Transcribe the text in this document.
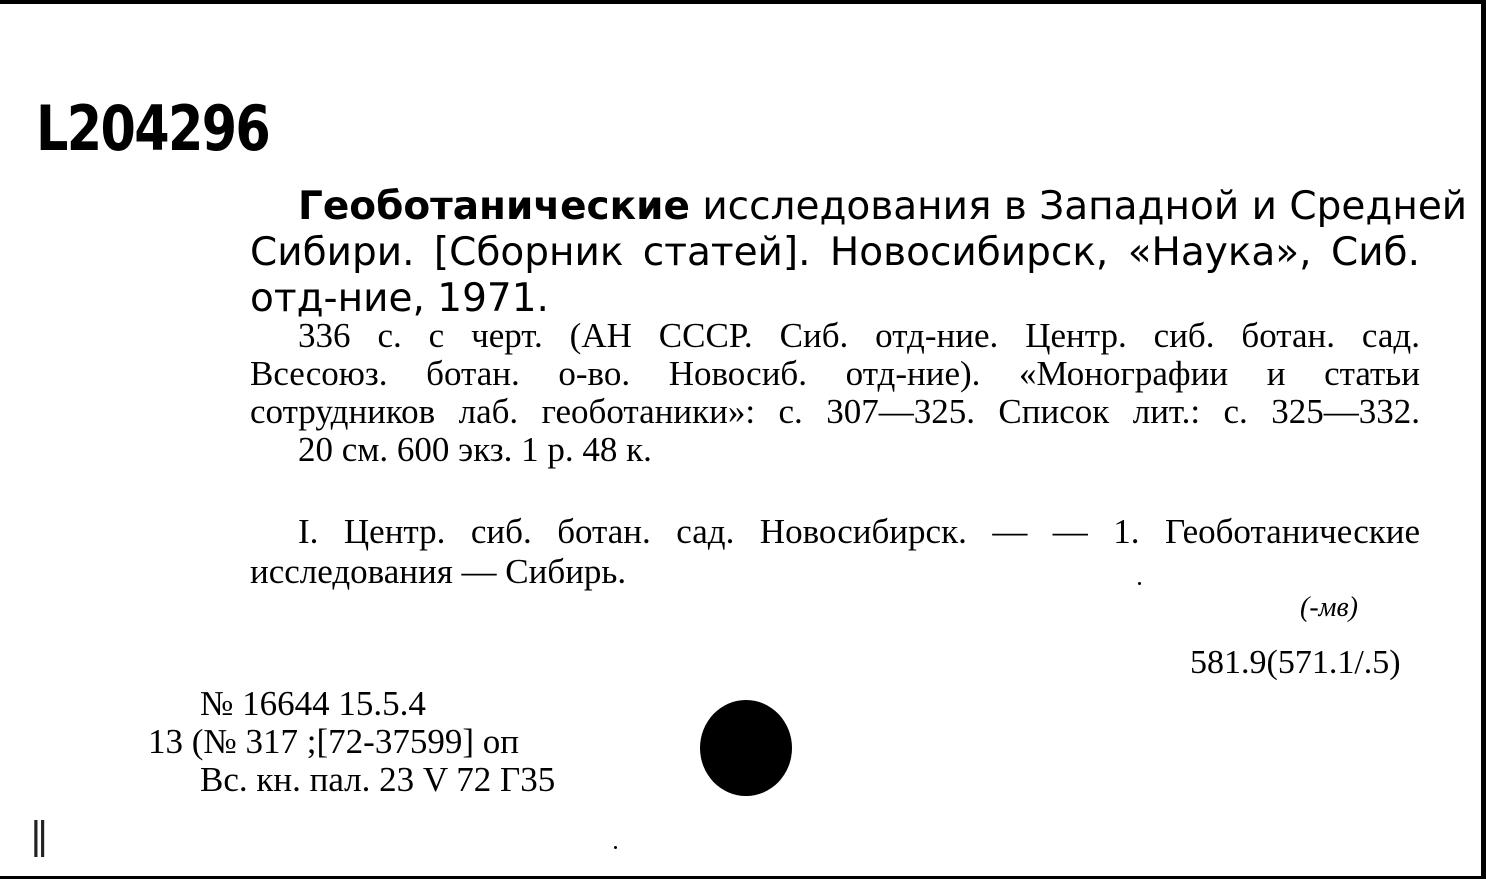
L204296
Геоботанические исследования в Западной и Средней
Сибири. [Сборник статей]. Новосибирск, «Наука», Сиб.
отд-ние, 1971.
336 с. с черт. (АН СССР. Сиб. отд-ние. Центр. сиб. ботан. сад.
Всесоюз. ботан. о-во. Новосиб. отд-ние). «Монографии и статьи
сотрудников лаб. геоботаники»: с. 307—325. Список лит.: с. 325—332.
20 см. 600 экз. 1 р. 48 к.
I. Центр. сиб. ботан. сад. Новосибирск. — — 1. Геоботанические
исследования — Сибирь.
(-мв)
581.9(571.1/.5)
№ 16644 15.5.4
13 (№ 317 ;[72-37599] оп
Вс. кн. пал. 23 V 72 Г35
∥
